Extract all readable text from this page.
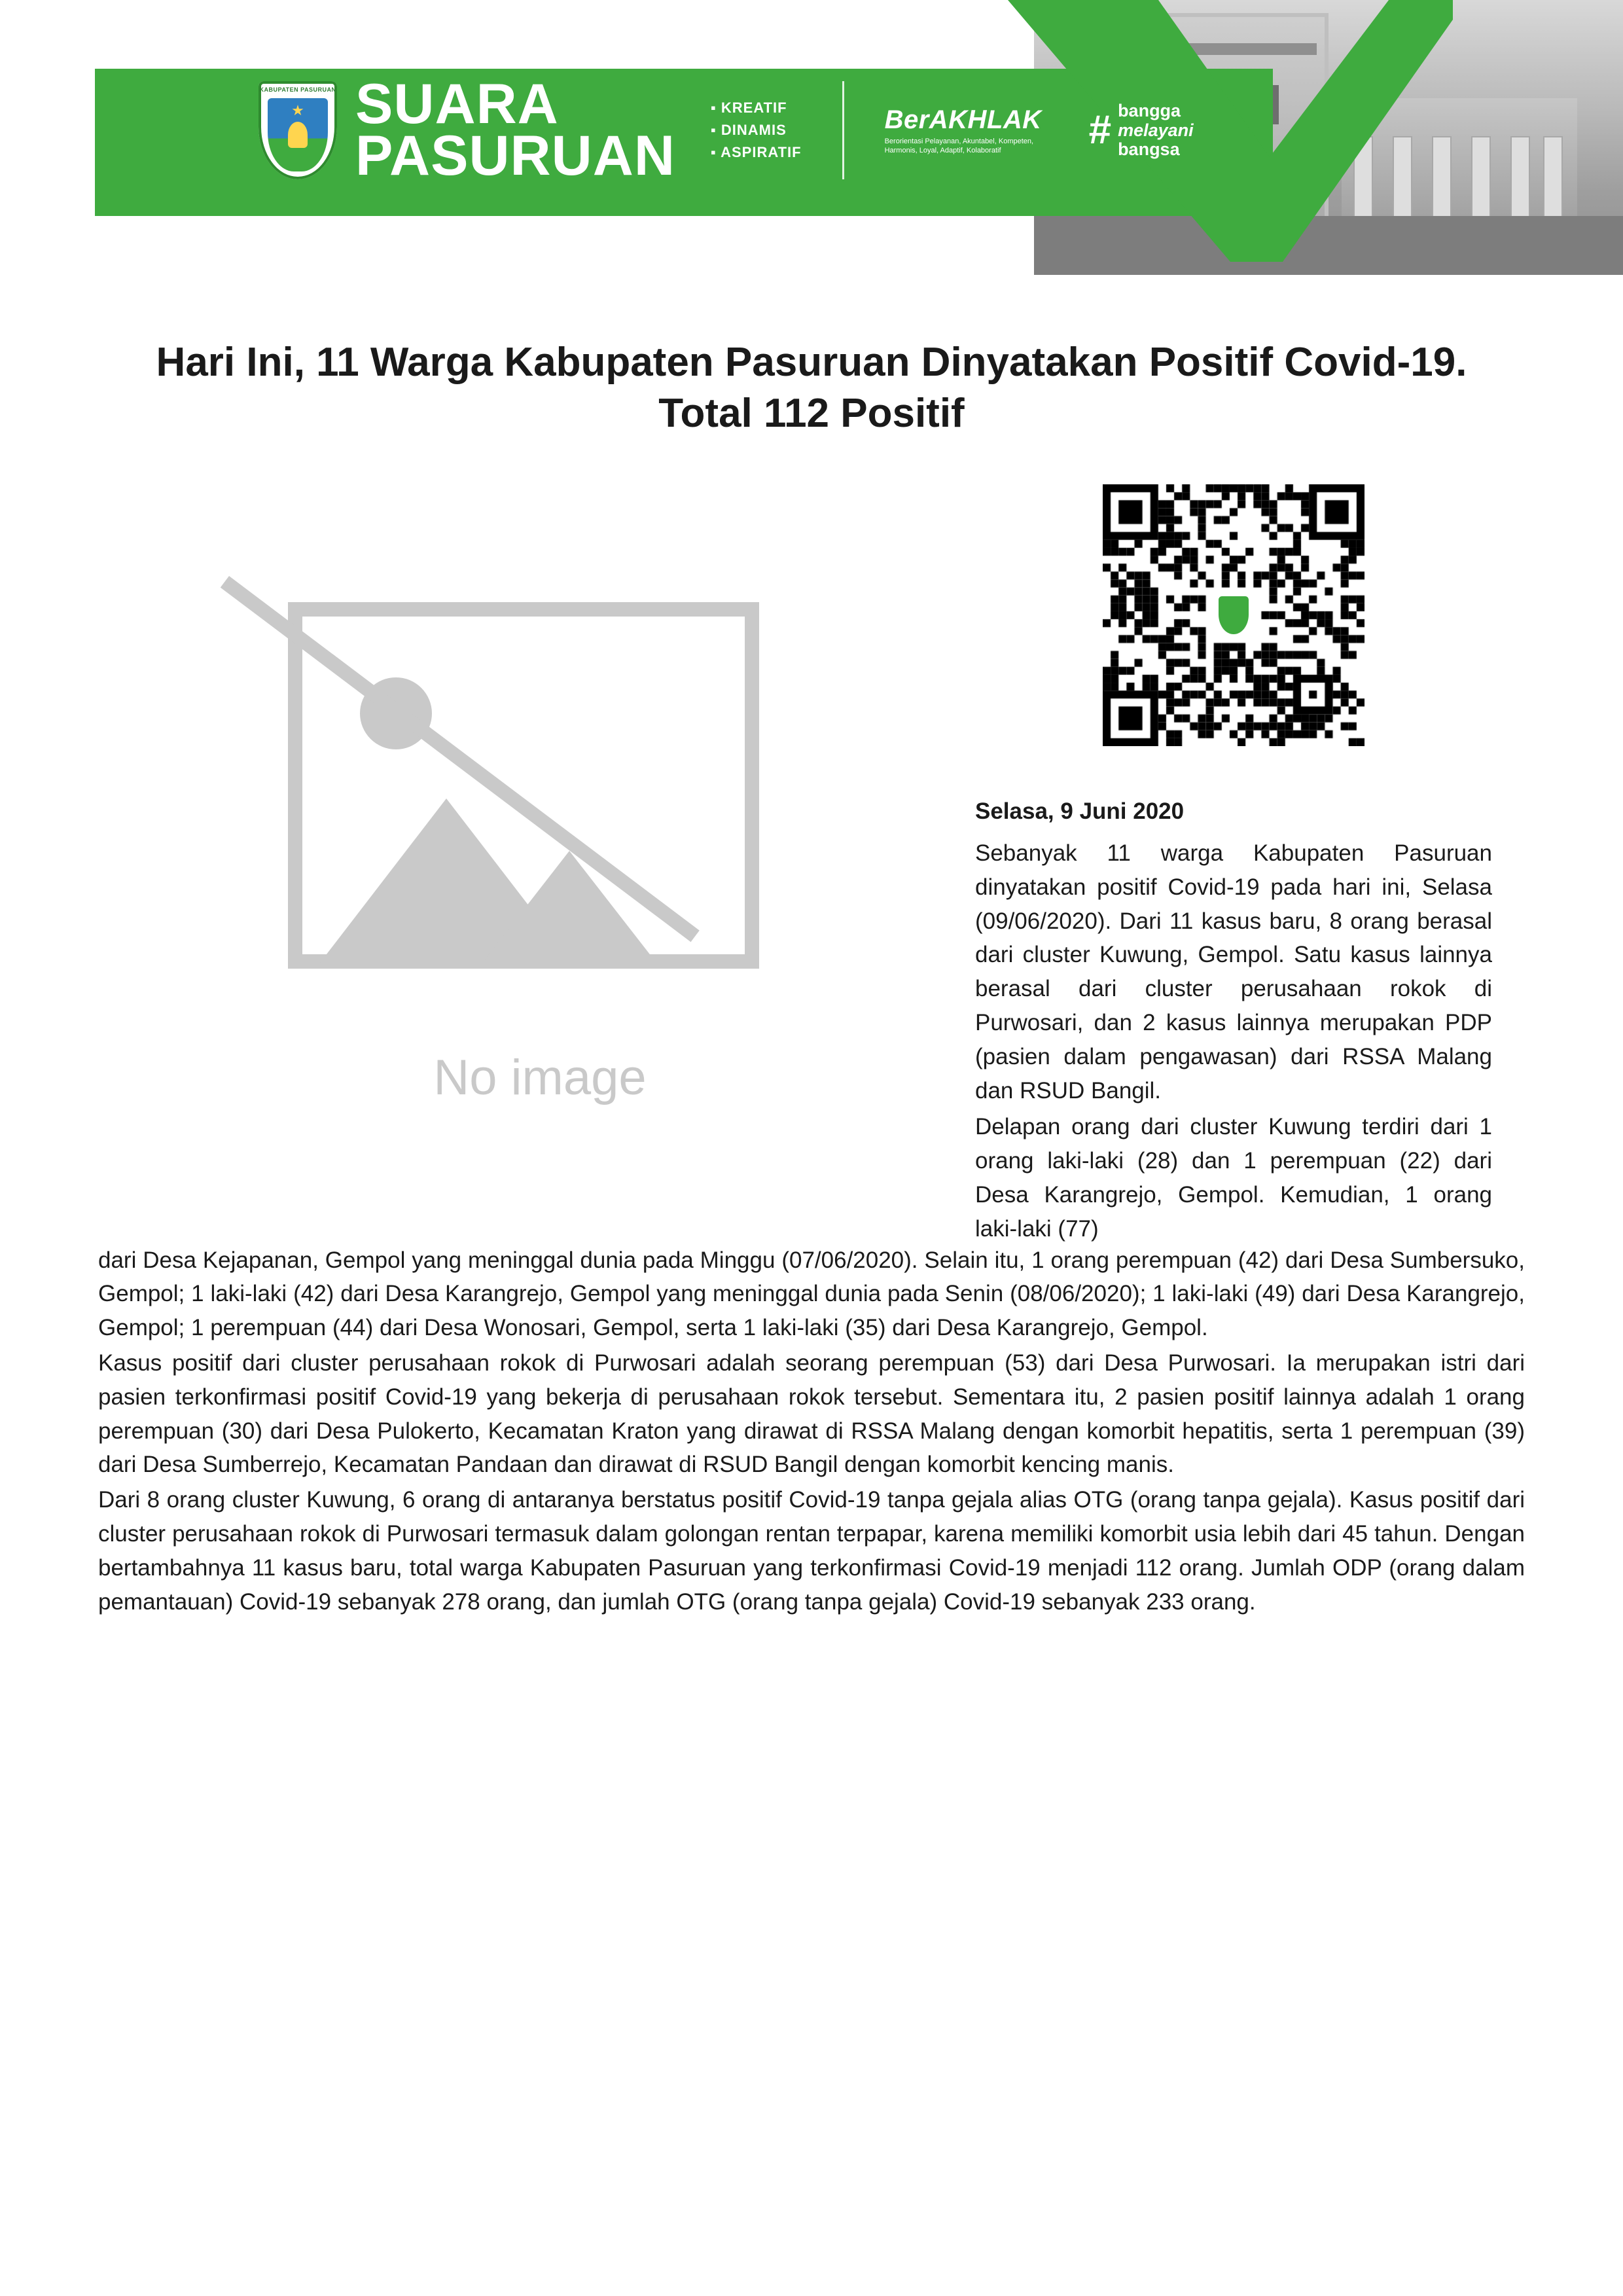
KABUPATEN PASURUAN
★ SUARA
PASURUAN
▪ KREATIF
▪ DINAMIS
▪ ASPIRATIF
BerAKHLAK
Berorientasi Pelayanan, Akuntabel, Kompeten, Harmonis, Loyal, Adaptif, Kolaboratif	# bangga
melayani
bangsa
Hari Ini, 11 Warga Kabupaten Pasuruan Dinyatakan Positif Covid-19. Total 112 Positif
No image
Selasa, 9 Juni 2020

Sebanyak 11 warga Kabupaten Pasuruan dinyatakan positif Covid-19 pada hari ini, Selasa (09/06/2020). Dari 11 kasus baru, 8 orang berasal dari cluster Kuwung, Gempol. Satu kasus lainnya berasal dari cluster perusahaan rokok di Purwosari, dan 2 kasus lainnya merupakan PDP (pasien dalam pengawasan) dari RSSA Malang dan RSUD Bangil.

Delapan orang dari cluster Kuwung terdiri dari 1 orang laki-laki (28) dan 1 perempuan (22) dari Desa Karangrejo, Gempol. Kemudian, 1 orang laki-laki (77)

dari Desa Kejapanan, Gempol yang meninggal dunia pada Minggu (07/06/2020). Selain itu, 1 orang perempuan (42) dari Desa Sumbersuko, Gempol; 1 laki-laki (42) dari Desa Karangrejo, Gempol yang meninggal dunia pada Senin (08/06/2020); 1 laki-laki (49) dari Desa Karangrejo, Gempol; 1 perempuan (44) dari Desa Wonosari, Gempol, serta 1 laki-laki (35) dari Desa Karangrejo, Gempol.

Kasus positif dari cluster perusahaan rokok di Purwosari adalah seorang perempuan (53) dari Desa Purwosari. Ia merupakan istri dari pasien terkonfirmasi positif Covid-19 yang bekerja di perusahaan rokok tersebut. Sementara itu, 2 pasien positif lainnya adalah 1 orang perempuan (30) dari Desa Pulokerto, Kecamatan Kraton yang dirawat di RSSA Malang dengan komorbit hepatitis, serta 1 perempuan (39) dari Desa Sumberrejo, Kecamatan Pandaan dan dirawat di RSUD Bangil dengan komorbit kencing manis.

Dari 8 orang cluster Kuwung, 6 orang di antaranya berstatus positif Covid-19 tanpa gejala alias OTG (orang tanpa gejala). Kasus positif dari cluster perusahaan rokok di Purwosari termasuk dalam golongan rentan terpapar, karena memiliki komorbit usia lebih dari 45 tahun. Dengan bertambahnya 11 kasus baru, total warga Kabupaten Pasuruan yang terkonfirmasi Covid-19 menjadi 112 orang. Jumlah ODP (orang dalam pemantauan) Covid-19 sebanyak 278 orang, dan jumlah OTG (orang tanpa gejala) Covid-19 sebanyak 233 orang.
